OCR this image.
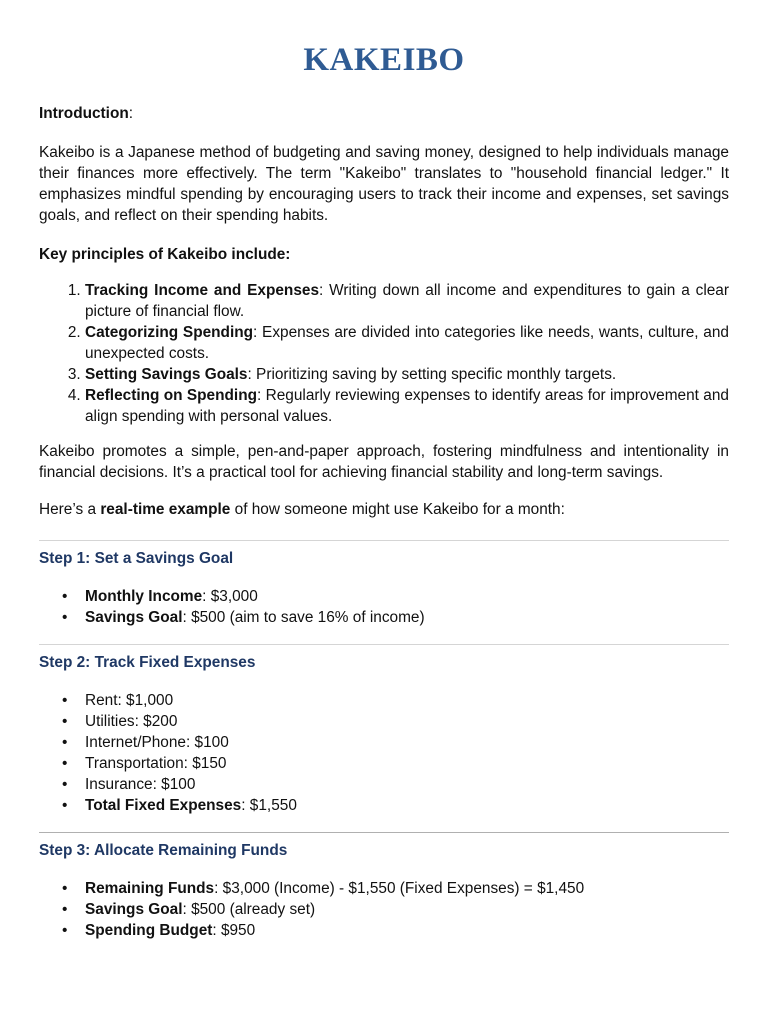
KAKEIBO

Introduction:

Kakeibo is a Japanese method of budgeting and saving money, designed to help individuals manage their finances more effectively. The term "Kakeibo" translates to "household financial ledger." It emphasizes mindful spending by encouraging users to track their income and expenses, set savings goals, and reflect on their spending habits.

Key principles of Kakeibo include:

1. Tracking Income and Expenses: Writing down all income and expenditures to gain a clear picture of financial flow.
2. Categorizing Spending: Expenses are divided into categories like needs, wants, culture, and unexpected costs.
3. Setting Savings Goals: Prioritizing saving by setting specific monthly targets.
4. Reflecting on Spending: Regularly reviewing expenses to identify areas for improvement and align spending with personal values.

Kakeibo promotes a simple, pen-and-paper approach, fostering mindfulness and intentionality in financial decisions. It’s a practical tool for achieving financial stability and long-term savings.

Here’s a real-time example of how someone might use Kakeibo for a month:

Step 1: Set a Savings Goal
• Monthly Income: $3,000
• Savings Goal: $500 (aim to save 16% of income)
Step 2: Track Fixed Expenses
• Rent: $1,000
• Utilities: $200
• Internet/Phone: $100
• Transportation: $150
• Insurance: $100
• Total Fixed Expenses: $1,550
Step 3: Allocate Remaining Funds
• Remaining Funds: $3,000 (Income) - $1,550 (Fixed Expenses) = $1,450
• Savings Goal: $500 (already set)
• Spending Budget: $950
